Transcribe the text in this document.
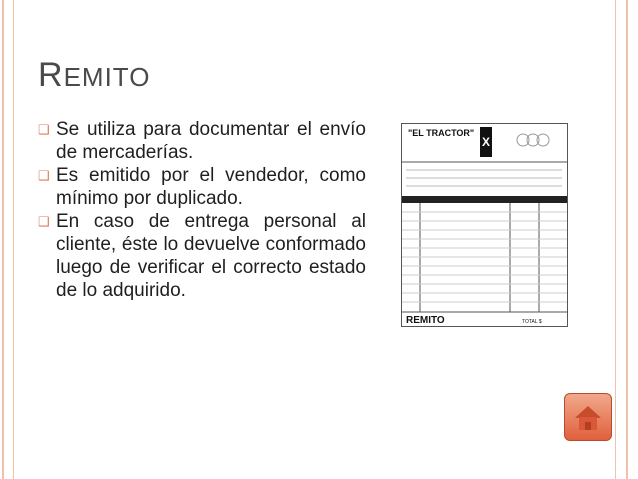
REMITO
❑ Se utiliza para documentar el envío de mercaderías.
❑ Es emitido por el vendedor, como mínimo por duplicado.
❑ En caso de entrega personal al cliente, éste lo devuelve conformado luego de verificar el correcto estado de lo adquirido.
"EL TRACTOR"
X
REMITO	TOTAL $
